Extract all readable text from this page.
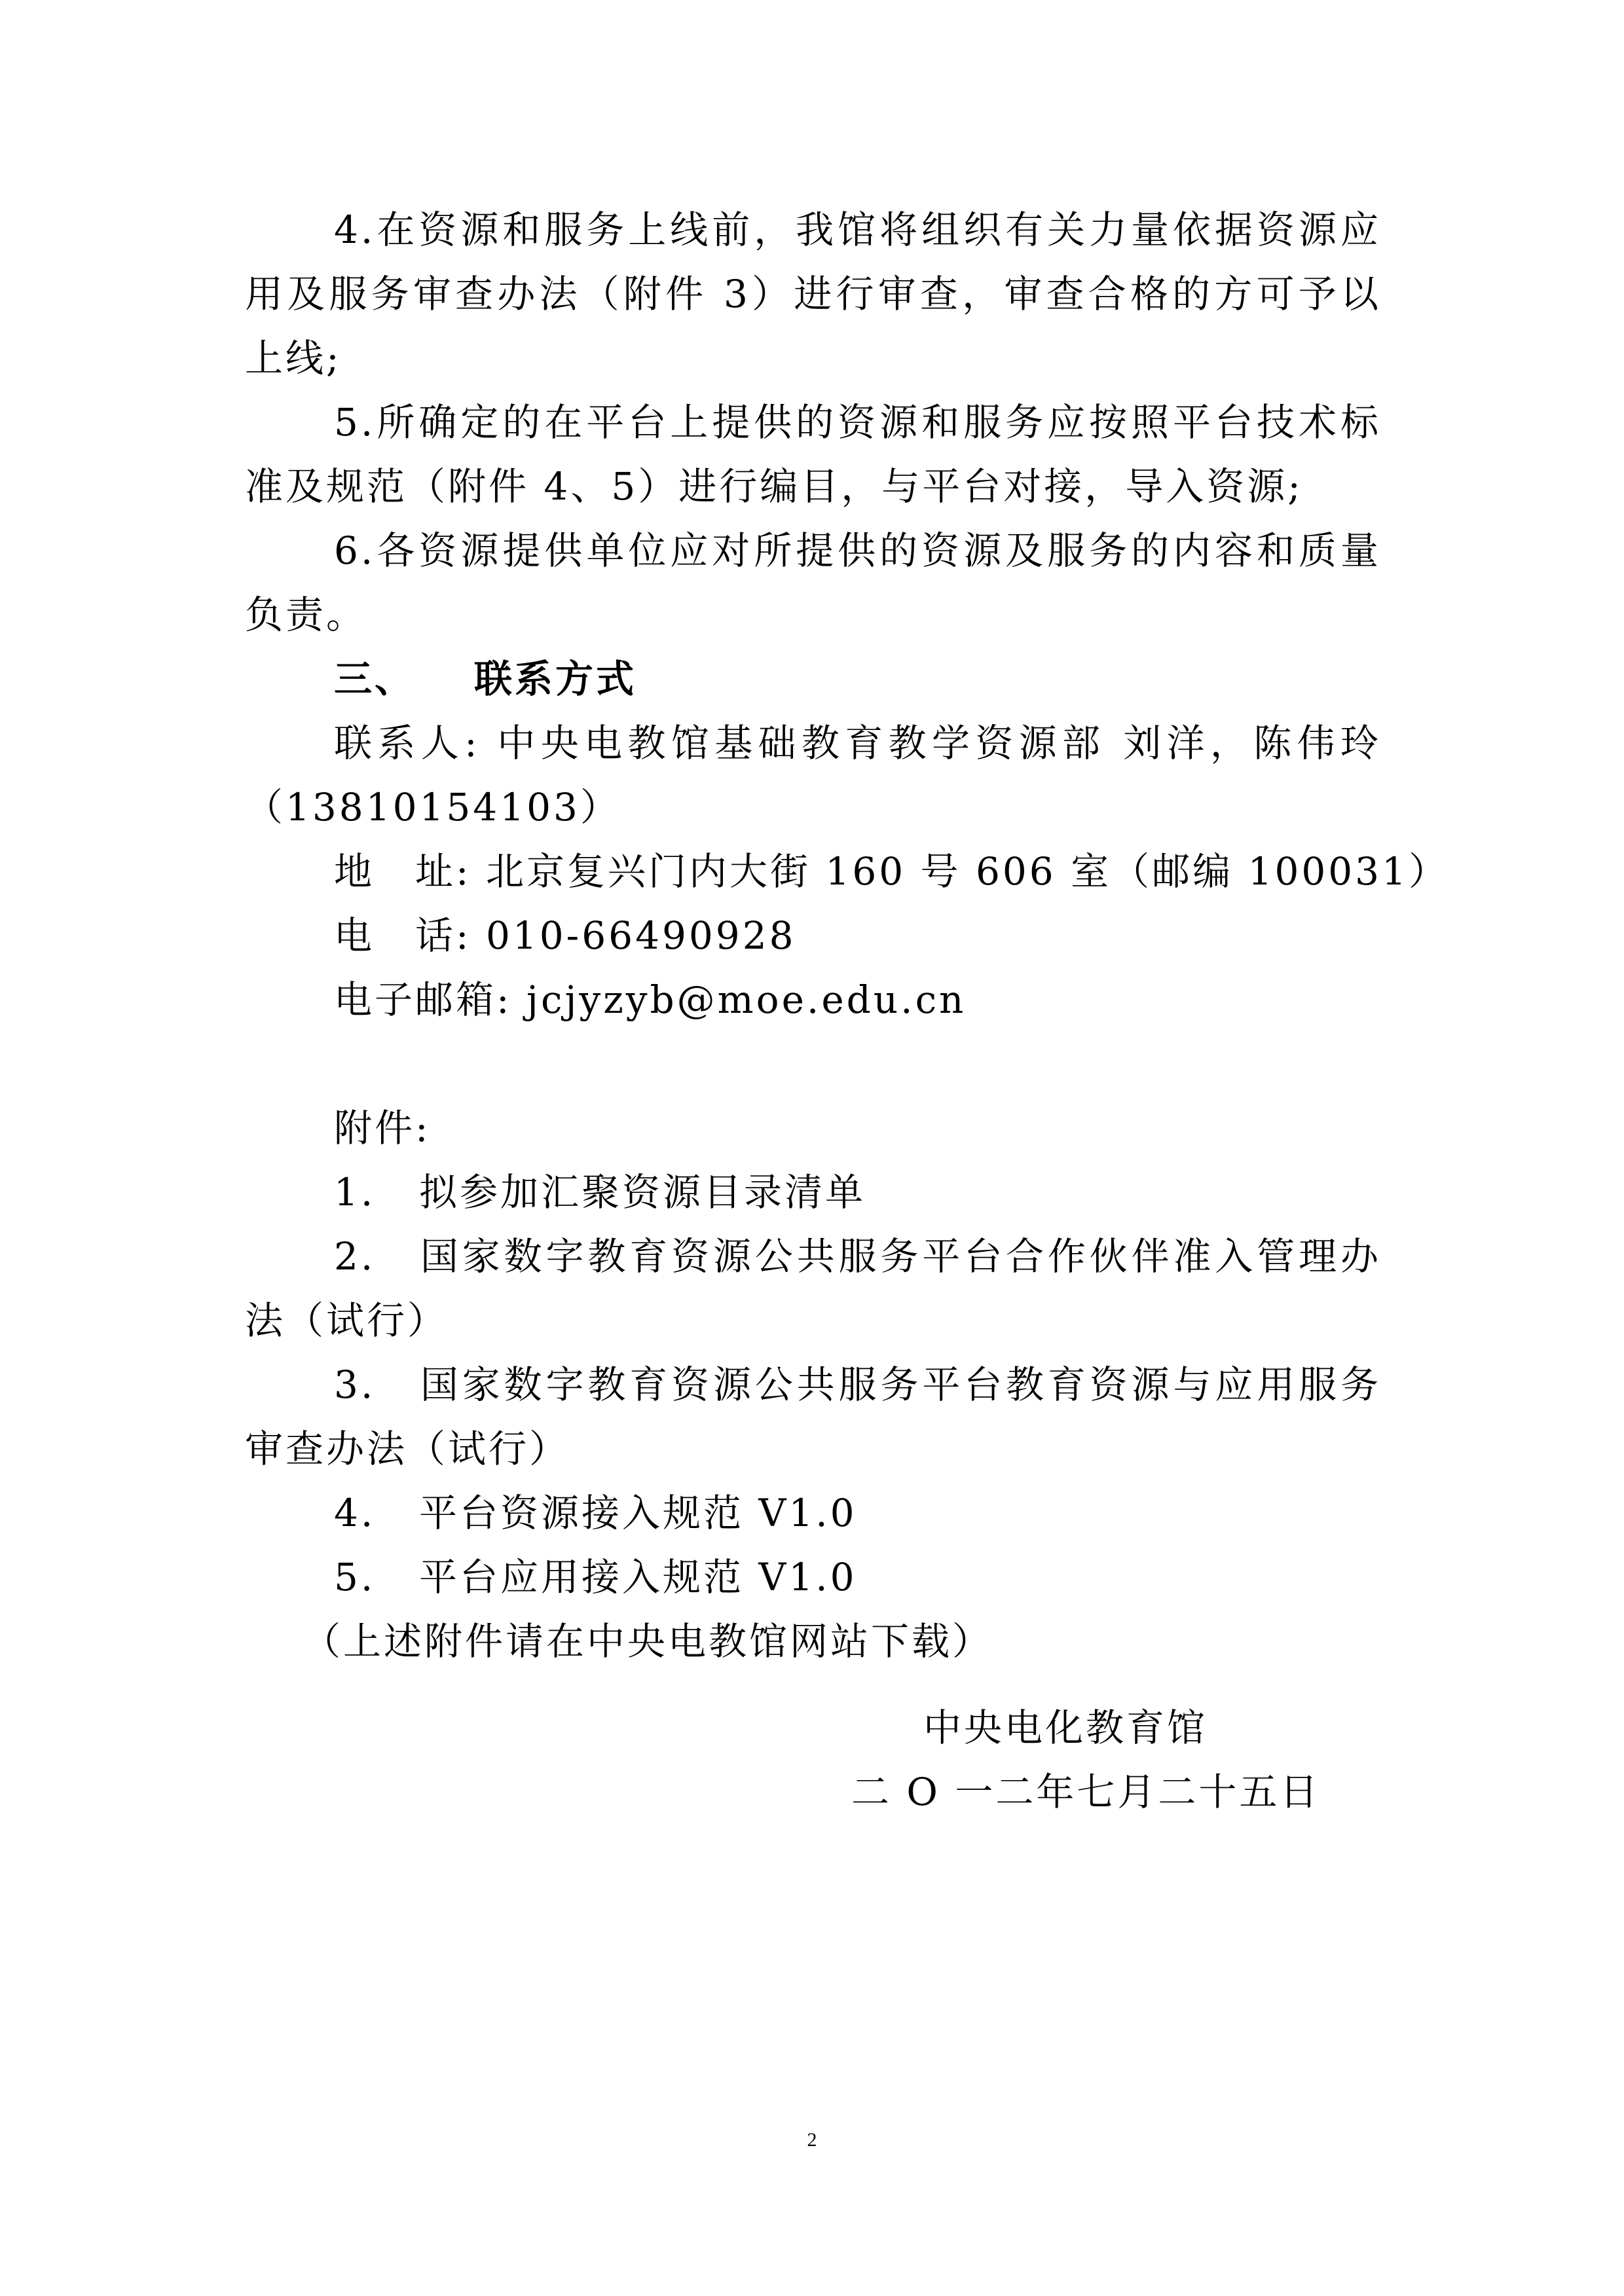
4.在资源和服务上线前，我馆将组织有关力量依据资源应用及服务审查办法（附件 3）进行审查，审查合格的方可予以上线;

5.所确定的在平台上提供的资源和服务应按照平台技术标准及规范（附件 4、5）进行编目，与平台对接，导入资源;

6.各资源提供单位应对所提供的资源及服务的内容和质量负责。

三、 联系方式

联系人: 中央电教馆基础教育教学资源部 刘洋，陈伟玲（13810154103）

地　址: 北京复兴门内大街 160 号 606 室（邮编 100031）

电　话: 010-66490928

电子邮箱: jcjyzyb@moe.edu.cn

附件:

1. 拟参加汇聚资源目录清单

2. 国家数字教育资源公共服务平台合作伙伴准入管理办法（试行）

3. 国家数字教育资源公共服务平台教育资源与应用服务审查办法（试行）

4. 平台资源接入规范 V1.0

5. 平台应用接入规范 V1.0

（上述附件请在中央电教馆网站下载）

中央电化教育馆

二 O 一二年七月二十五日

2
